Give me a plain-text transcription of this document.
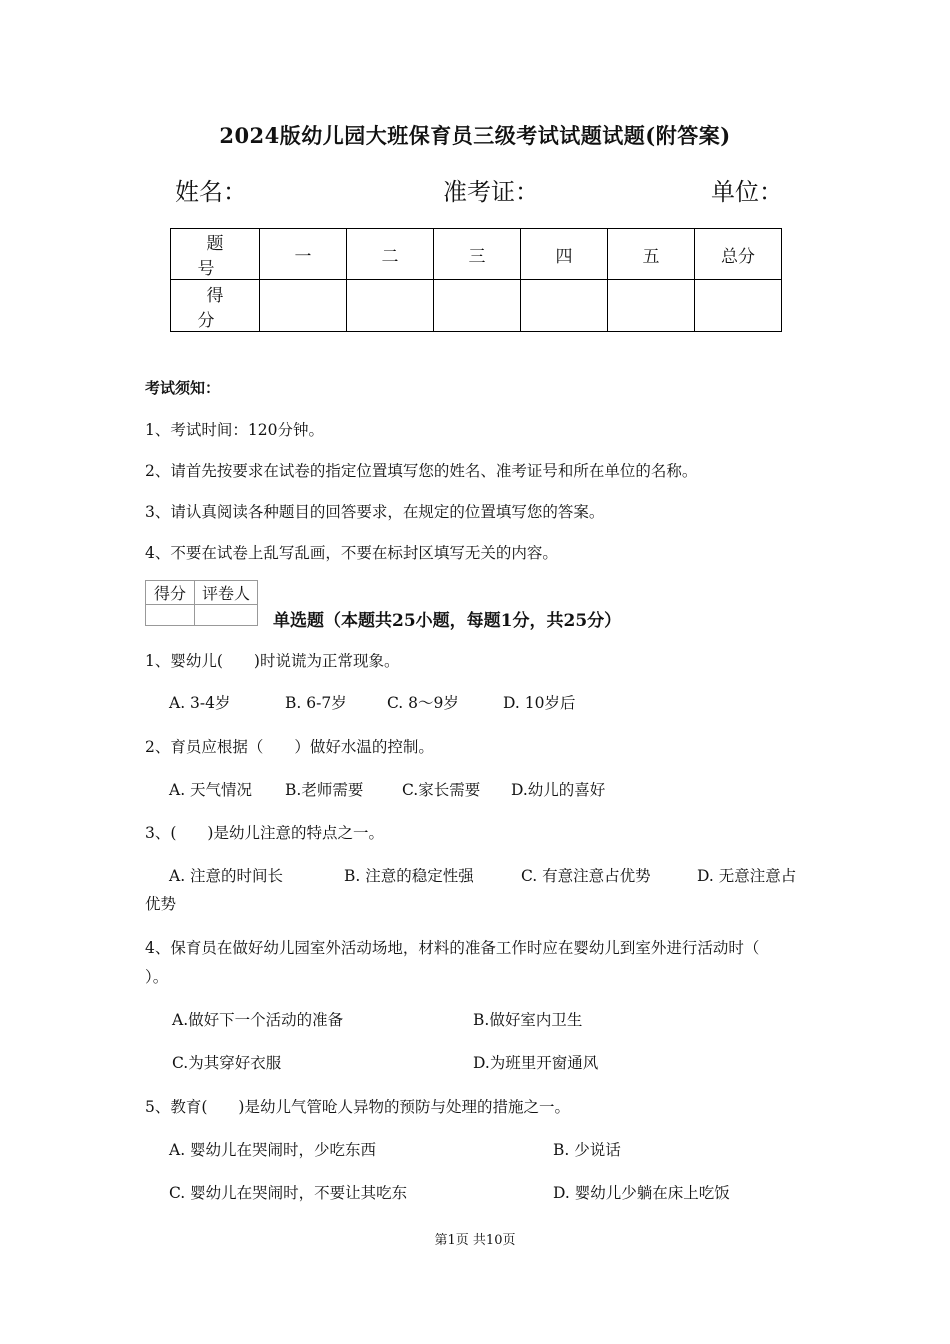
2024版幼儿园大班保育员三级考试试题试题(附答案)
姓名：	准考证：	单位：
题　号	一	二	三	四	五	总分
得　分						
考试须知：
1、考试时间：120分钟。
2、请首先按要求在试卷的指定位置填写您的姓名、准考证号和所在单位的名称。
3、请认真阅读各种题目的回答要求，在规定的位置填写您的答案。
4、不要在试卷上乱写乱画，不要在标封区填写无关的内容。
得分	评卷人

单选题（本题共25小题，每题1分，共25分）
1、婴幼儿(　　)时说谎为正常现象。
A. 3-4岁	B. 6-7岁	C. 8～9岁	D. 10岁后
2、育员应根据（　　）做好水温的控制。
A. 天气情况 B.老师需要 C.家长需要 D.幼儿的喜好
3、(　　)是幼儿注意的特点之一。
A. 注意的时间长	B. 注意的稳定性强	C. 有意注意占优势	D. 无意注意占
优势
4、保育员在做好幼儿园室外活动场地，材料的准备工作时应在婴幼儿到室外进行活动时（
）。
A.做好下一个活动的准备	B.做好室内卫生
C.为其穿好衣服	D.为班里开窗通风
5、教育(　　)是幼儿气管呛人异物的预防与处理的措施之一。
A. 婴幼儿在哭闹时，少吃东西	B. 少说话
C. 婴幼儿在哭闹时，不要让其吃东	D. 婴幼儿少躺在床上吃饭
第1页 共10页
